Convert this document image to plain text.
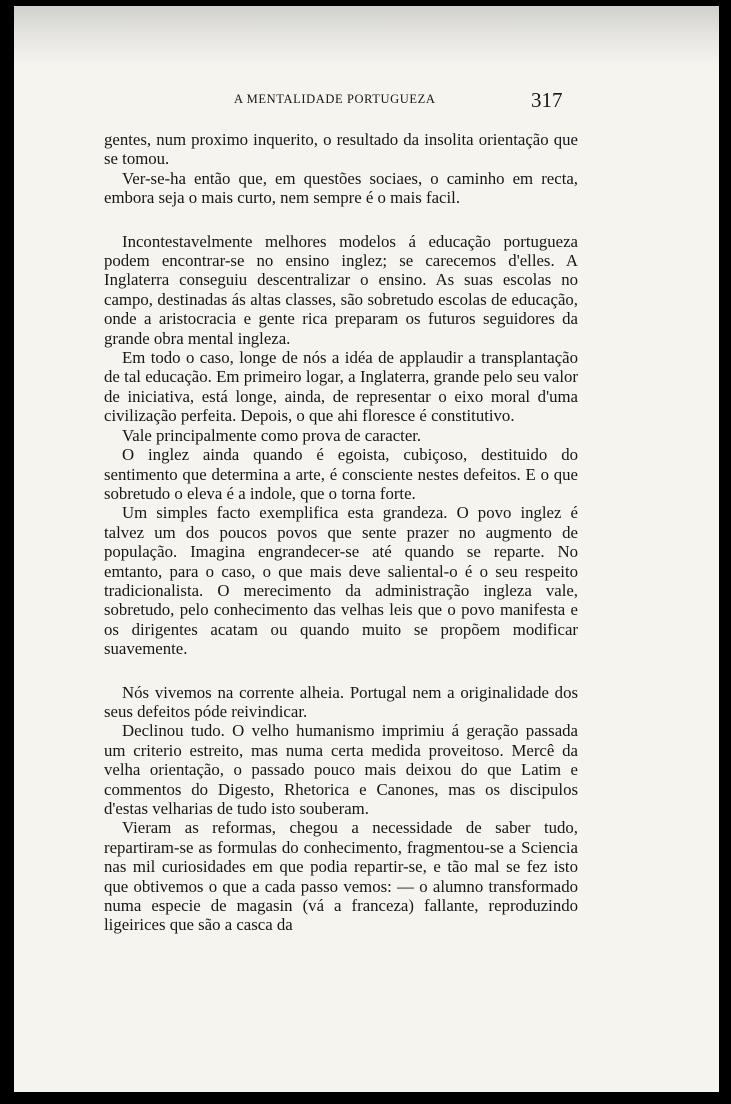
A MENTALIDADE PORTUGUEZA	317

gentes, num proximo inquerito, o resultado da insolita orientação que se tomou.

Ver-se-ha então que, em questões sociaes, o caminho em recta, embora seja o mais curto, nem sempre é o mais facil.

Incontestavelmente melhores modelos á educação portugueza podem encontrar-se no ensino inglez; se carecemos d'elles. A Inglaterra conseguiu descentralizar o ensino. As suas escolas no campo, destinadas ás altas classes, são sobretudo escolas de educação, onde a aristocracia e gente rica preparam os futuros seguidores da grande obra mental ingleza.

Em todo o caso, longe de nós a idéa de applaudir a transplantação de tal educação. Em primeiro logar, a Inglaterra, grande pelo seu valor de iniciativa, está longe, ainda, de representar o eixo moral d'uma civilização perfeita. Depois, o que ahi floresce é constitutivo.

Vale principalmente como prova de caracter.

O inglez ainda quando é egoista, cubiçoso, destituido do sentimento que determina a arte, é consciente nestes defeitos. E o que sobretudo o eleva é a indole, que o torna forte.

Um simples facto exemplifica esta grandeza. O povo inglez é talvez um dos poucos povos que sente prazer no augmento de população. Imagina engrandecer-se até quando se reparte. No emtanto, para o caso, o que mais deve saliental-o é o seu respeito tradicionalista. O merecimento da administração ingleza vale, sobretudo, pelo conhecimento das velhas leis que o povo manifesta e os dirigentes acatam ou quando muito se propõem modificar suavemente.

Nós vivemos na corrente alheia. Portugal nem a originalidade dos seus defeitos póde reivindicar.

Declinou tudo. O velho humanismo imprimiu á geração passada um criterio estreito, mas numa certa medida proveitoso. Mercê da velha orientação, o passado pouco mais deixou do que Latim e commentos do Digesto, Rhetorica e Canones, mas os discipulos d'estas velharias de tudo isto souberam.

Vieram as reformas, chegou a necessidade de saber tudo, repartiram-se as formulas do conhecimento, fragmentou-se a Sciencia nas mil curiosidades em que podia repartir-se, e tão mal se fez isto que obtivemos o que a cada passo vemos: — o alumno transformado numa especie de magasin (vá a franceza) fallante, reproduzindo ligeirices que são a casca da
